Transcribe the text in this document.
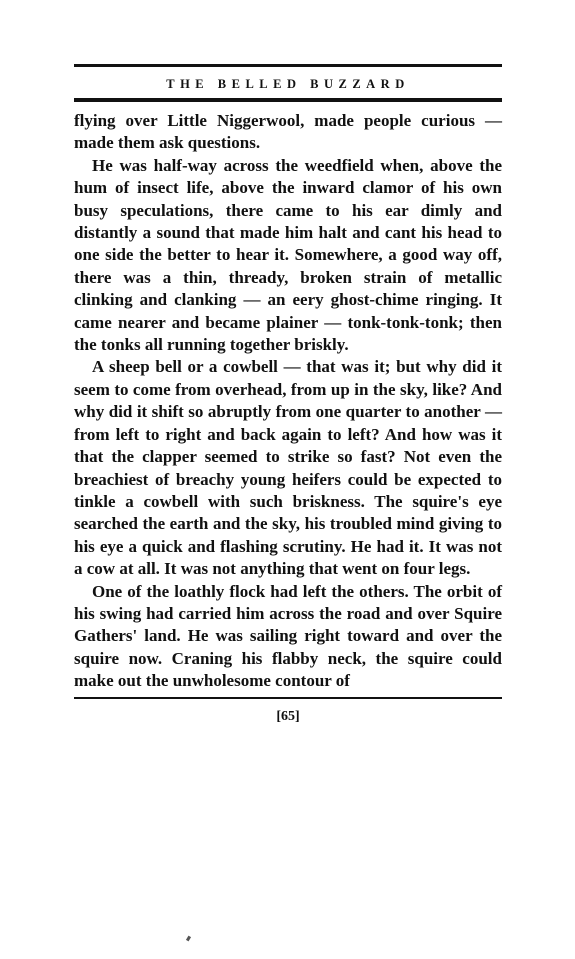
THE BELLED BUZZARD

flying over Little Niggerwool, made people curious — made them ask questions.

He was half-way across the weedfield when, above the hum of insect life, above the inward clamor of his own busy speculations, there came to his ear dimly and distantly a sound that made him halt and cant his head to one side the better to hear it. Somewhere, a good way off, there was a thin, thready, broken strain of metallic clinking and clanking — an eery ghost-chime ringing. It came nearer and became plainer — tonk-tonk-tonk; then the tonks all running together briskly.

A sheep bell or a cowbell — that was it; but why did it seem to come from overhead, from up in the sky, like? And why did it shift so abruptly from one quarter to another — from left to right and back again to left? And how was it that the clapper seemed to strike so fast? Not even the breachiest of breachy young heifers could be expected to tinkle a cowbell with such briskness. The squire's eye searched the earth and the sky, his troubled mind giving to his eye a quick and flashing scrutiny. He had it. It was not a cow at all. It was not anything that went on four legs.

One of the loathly flock had left the others. The orbit of his swing had carried him across the road and over Squire Gathers' land. He was sailing right toward and over the squire now. Craning his flabby neck, the squire could make out the unwholesome contour of

[65]
